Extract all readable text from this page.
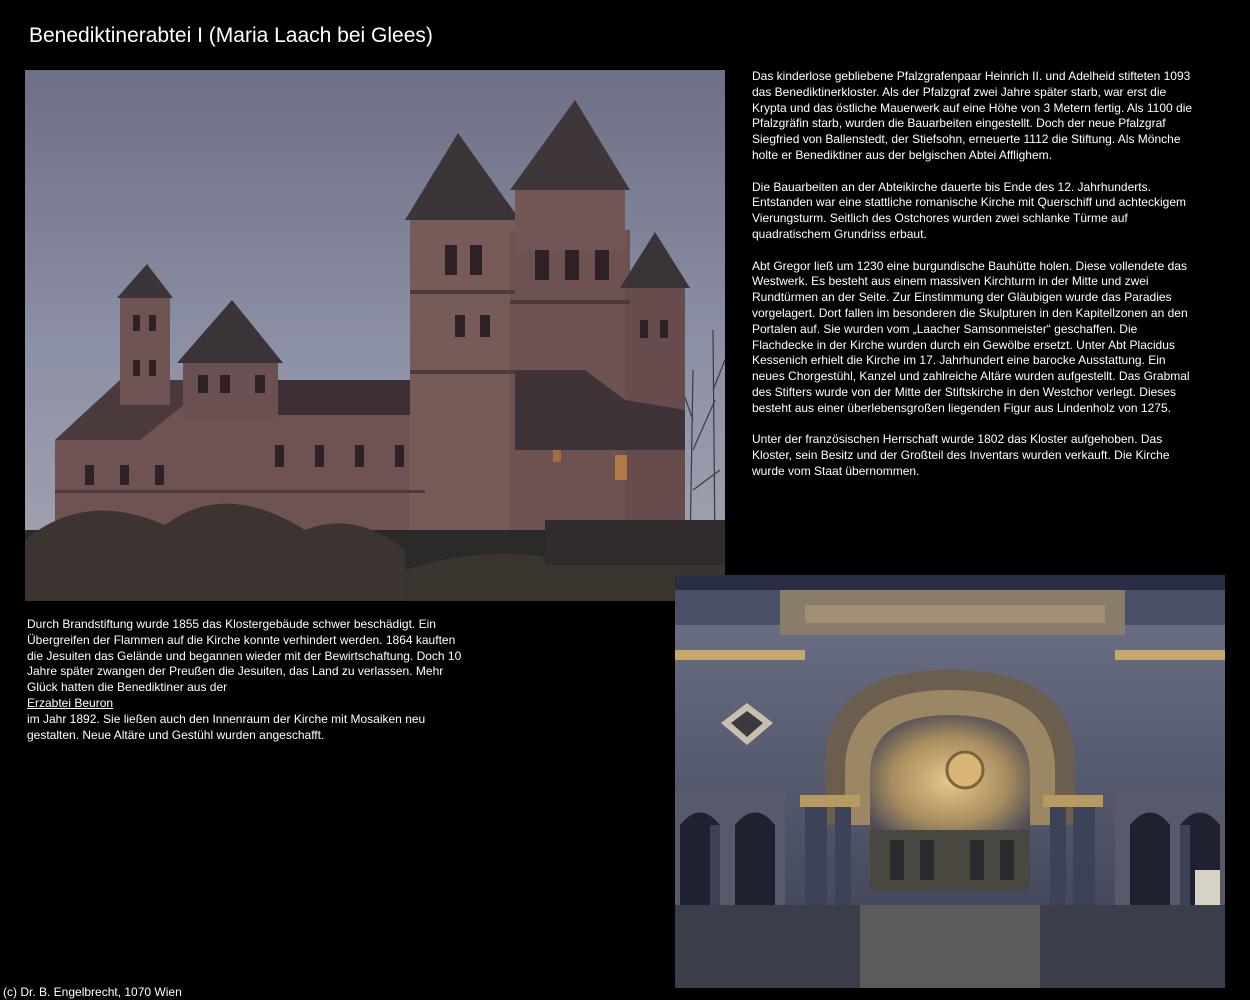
Benediktinerabtei I (Maria Laach bei Glees)

Das kinderlose gebliebene Pfalzgrafenpaar Heinrich II. und Adelheid stifteten 1093 das Benediktinerkloster. Als der Pfalzgraf zwei Jahre später starb, war erst die Krypta und das östliche Mauerwerk auf eine Höhe von 3 Metern fertig. Als 1100 die Pfalzgräfin starb, wurden die Bauarbeiten eingestellt. Doch der neue Pfalzgraf Siegfried von Ballenstedt, der Stiefsohn, erneuerte 1112 die Stiftung. Als Mönche holte er Benediktiner aus der belgischen Abtei Afflighem.

Die Bauarbeiten an der Abteikirche dauerte bis Ende des 12. Jahrhunderts. Entstanden war eine stattliche romanische Kirche mit Querschiff und achteckigem Vierungsturm. Seitlich des Ostchores wurden zwei schlanke Türme auf quadratischem Grundriss erbaut.

Abt Gregor ließ um 1230 eine burgundische Bauhütte holen. Diese vollendete das Westwerk. Es besteht aus einem massiven Kirchturm in der Mitte und zwei Rundtürmen an der Seite. Zur Einstimmung der Gläubigen wurde das Paradies vorgelagert. Dort fallen im besonderen die Skulpturen in den Kapitellzonen an den Portalen auf. Sie wurden vom „Laacher Samsonmeister“ geschaffen. Die Flachdecke in der Kirche wurden durch ein Gewölbe ersetzt. Unter Abt Placidus Kessenich erhielt die Kirche im 17. Jahrhundert eine barocke Ausstattung. Ein neues Chorgestühl, Kanzel und zahlreiche Altäre wurden aufgestellt. Das Grabmal des Stifters wurde von der Mitte der Stiftskirche in den Westchor verlegt. Dieses besteht aus einer überlebensgroßen liegenden Figur aus Lindenholz von 1275.

Unter der französischen Herrschaft wurde 1802 das Kloster aufgehoben. Das Kloster, sein Besitz und der Großteil des Inventars wurden verkauft. Die Kirche wurde vom Staat übernommen.

Durch Brandstiftung wurde 1855 das Klostergebäude schwer beschädigt. Ein Übergreifen der Flammen auf die Kirche konnte verhindert werden. 1864 kauften die Jesuiten das Gelände und begannen wieder mit der Bewirtschaftung. Doch 10 Jahre später zwangen der Preußen die Jesuiten, das Land zu verlassen. Mehr Glück hatten die Benediktiner aus der
Erzabtei Beuron
im Jahr 1892. Sie ließen auch den Innenraum der Kirche mit Mosaiken neu gestalten. Neue Altäre und Gestühl wurden angeschafft.
(c) Dr. B. Engelbrecht, 1070 Wien
